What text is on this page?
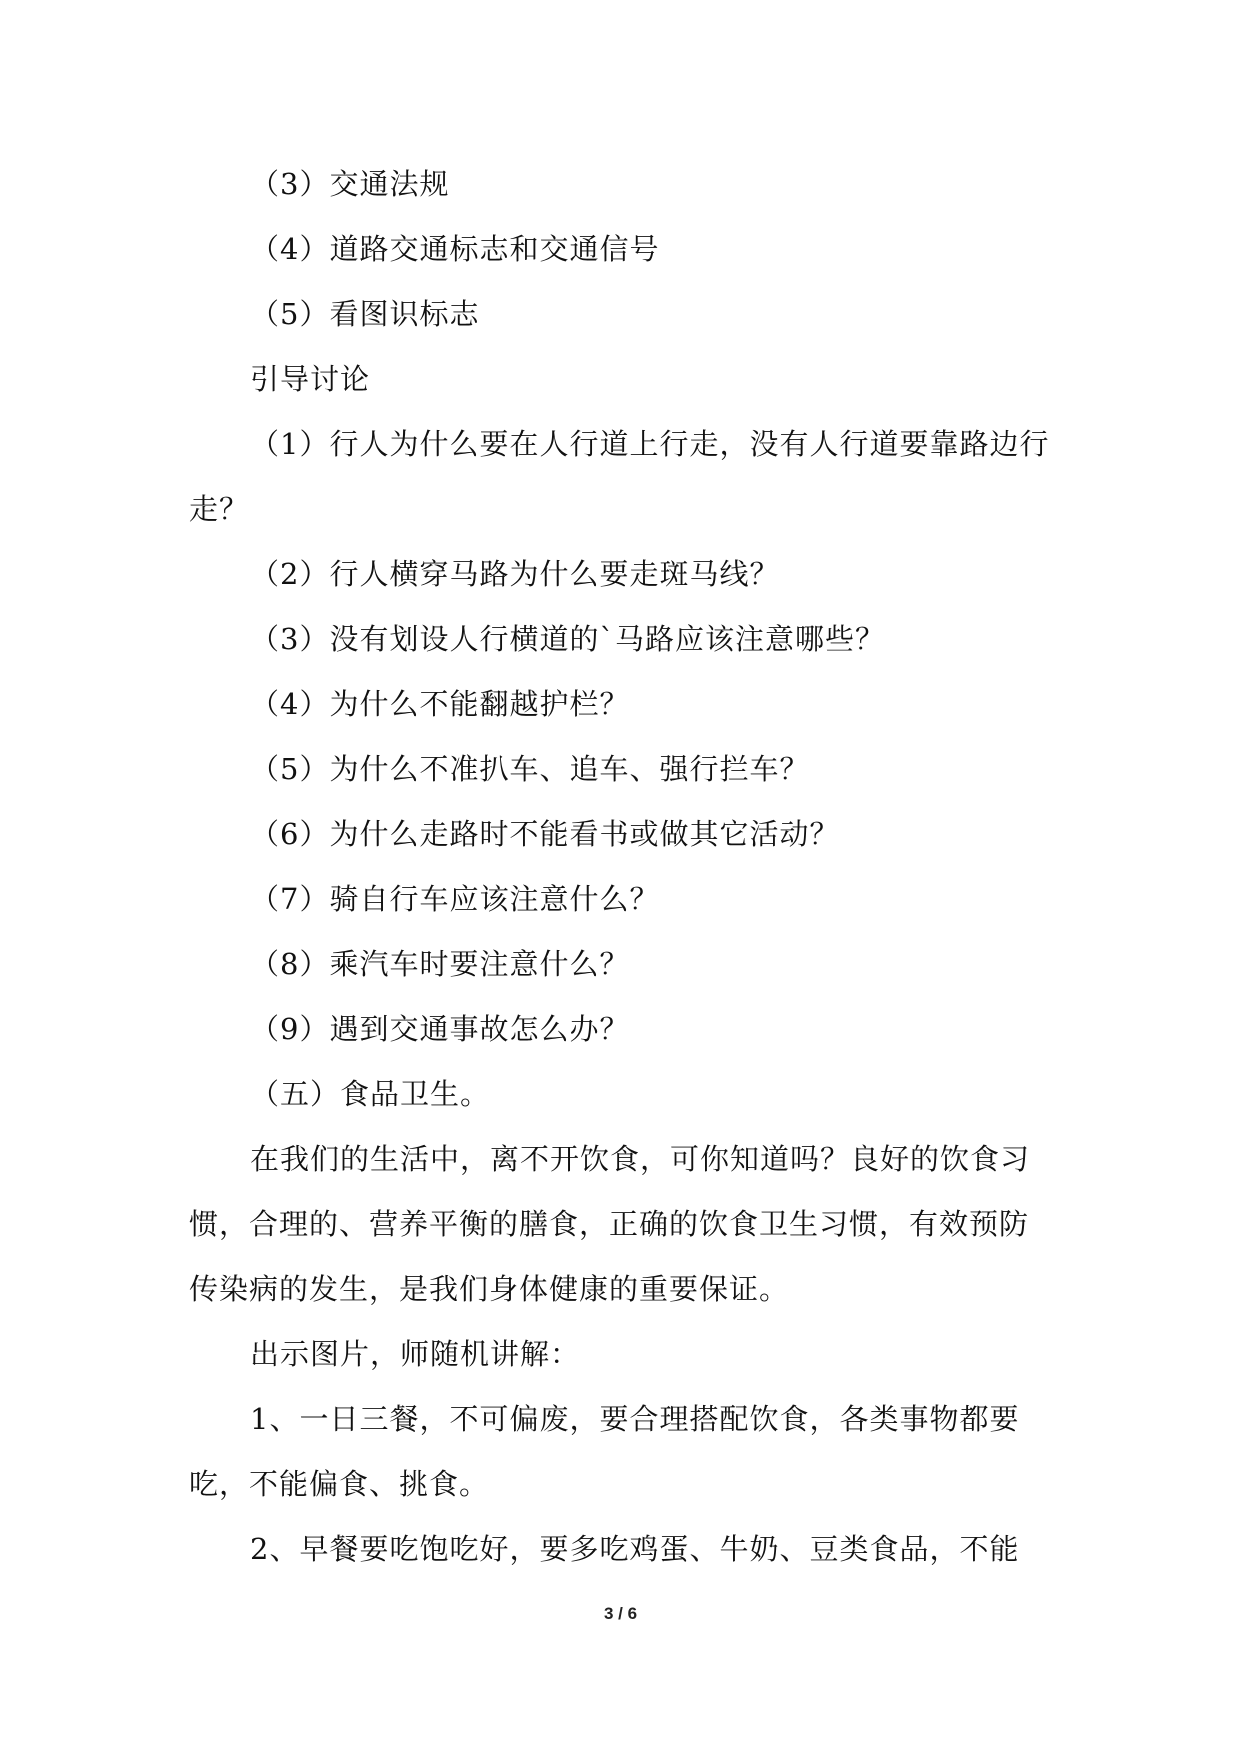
（3）交通法规

（4）道路交通标志和交通信号

（5）看图识标志

引导讨论

（1）行人为什么要在人行道上行走，没有人行道要靠路边行走？

（2）行人横穿马路为什么要走斑马线？

（3）没有划设人行横道的`马路应该注意哪些？

（4）为什么不能翻越护栏？

（5）为什么不准扒车、追车、强行拦车？

（6）为什么走路时不能看书或做其它活动？

（7）骑自行车应该注意什么？

（8）乘汽车时要注意什么？

（9）遇到交通事故怎么办？

（五）食品卫生。

在我们的生活中，离不开饮食，可你知道吗？良好的饮食习惯，合理的、营养平衡的膳食，正确的饮食卫生习惯，有效预防传染病的发生，是我们身体健康的重要保证。

出示图片，师随机讲解：

1、一日三餐，不可偏废，要合理搭配饮食，各类事物都要吃，不能偏食、挑食。

2、早餐要吃饱吃好，要多吃鸡蛋、牛奶、豆类食品，不能

3 / 6
